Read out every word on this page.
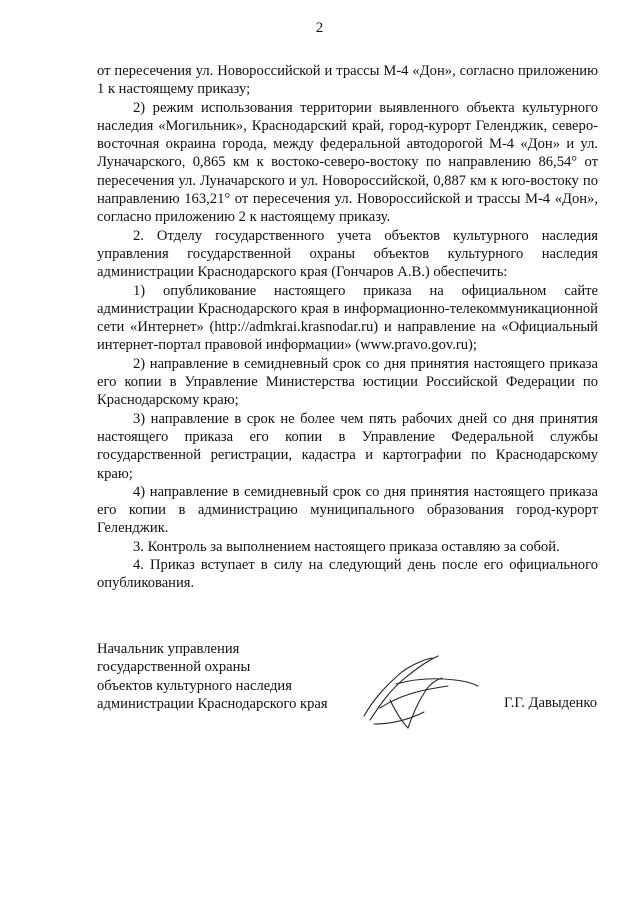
2

от пересечения ул. Новороссийской и трассы М-4 «Дон», согласно приложению 1 к настоящему приказу;

2) режим использования территории выявленного объекта культурного наследия «Могильник», Краснодарский край, город-курорт Геленджик, северо-восточная окраина города, между федеральной автодорогой М-4 «Дон» и ул. Луначарского, 0,865 км к востоко-северо-востоку по направлению 86,54° от пересечения ул. Луначарского и ул. Новороссийской, 0,887 км к юго-востоку по направлению 163,21° от пересечения ул. Новороссийской и трассы М-4 «Дон», согласно приложению 2 к настоящему приказу.

2. Отделу государственного учета объектов культурного наследия управления государственной охраны объектов культурного наследия администрации Краснодарского края (Гончаров А.В.) обеспечить:

1) опубликование настоящего приказа на официальном сайте администрации Краснодарского края в информационно-телекоммуникационной сети «Интернет» (http://admkrai.krasnodar.ru) и направление на «Официальный интернет-портал правовой информации» (www.pravo.gov.ru);

2) направление в семидневный срок со дня принятия настоящего приказа его копии в Управление Министерства юстиции Российской Федерации по Краснодарскому краю;

3) направление в срок не более чем пять рабочих дней со дня принятия настоящего приказа его копии в Управление Федеральной службы государственной регистрации, кадастра и картографии по Краснодарскому краю;

4) направление в семидневный срок со дня принятия настоящего приказа его копии в администрацию муниципального образования город-курорт Геленджик.

3. Контроль за выполнением настоящего приказа оставляю за собой.

4. Приказ вступает в силу на следующий день после его официального опубликования.

Начальник управления
государственной охраны
объектов культурного наследия
администрации Краснодарского края	Г.Г. Давыденко
